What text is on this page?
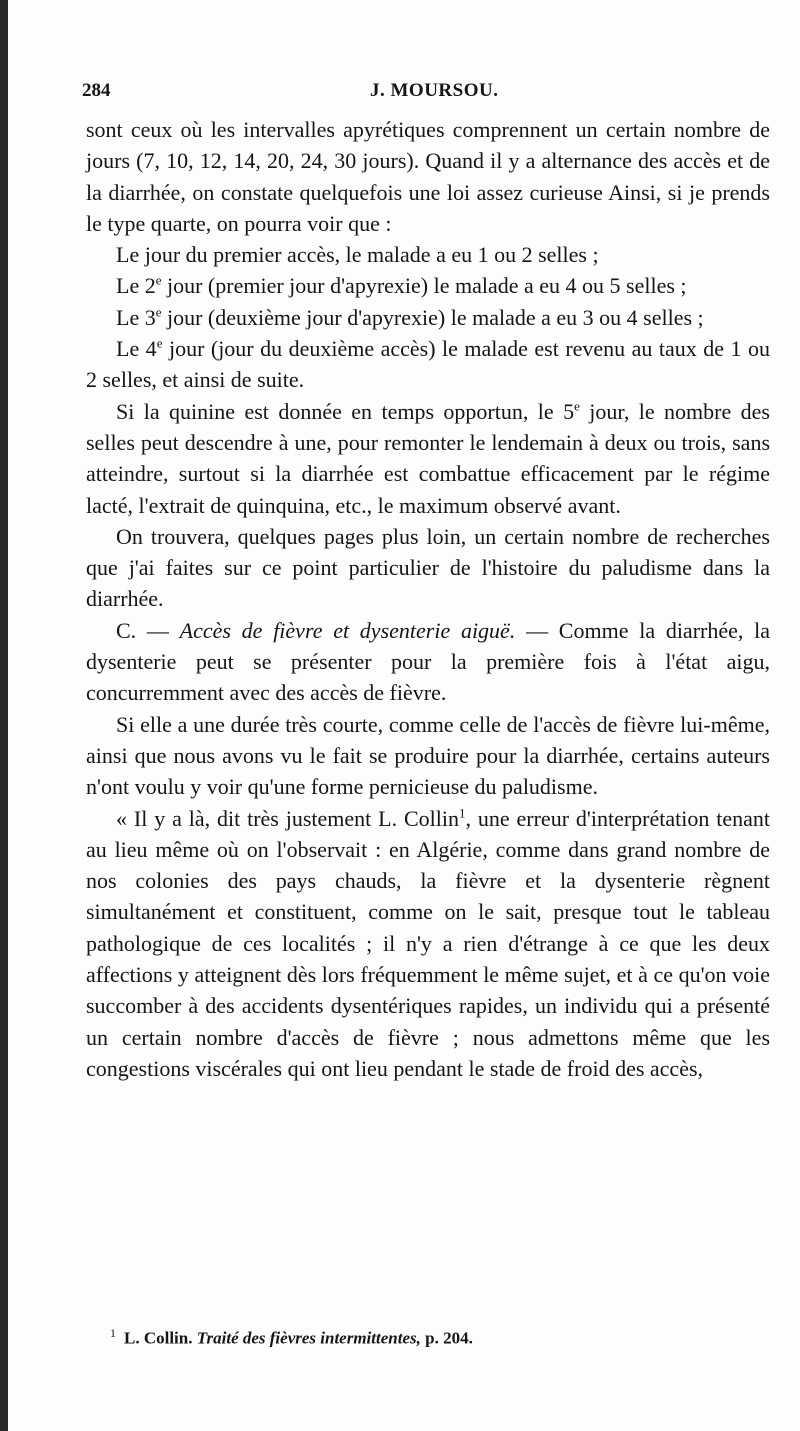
284	J. MOURSOU.

sont ceux où les intervalles apyrétiques comprennent un certain nombre de jours (7, 10, 12, 14, 20, 24, 30 jours). Quand il y a alternance des accès et de la diarrhée, on constate quelquefois une loi assez curieuse Ainsi, si je prends le type quarte, on pourra voir que :

Le jour du premier accès, le malade a eu 1 ou 2 selles ;

Le 2e jour (premier jour d'apyrexie) le malade a eu 4 ou 5 selles ;

Le 3e jour (deuxième jour d'apyrexie) le malade a eu 3 ou 4 selles ;

Le 4e jour (jour du deuxième accès) le malade est revenu au taux de 1 ou 2 selles, et ainsi de suite.

Si la quinine est donnée en temps opportun, le 5e jour, le nombre des selles peut descendre à une, pour remonter le lendemain à deux ou trois, sans atteindre, surtout si la diarrhée est combattue efficacement par le régime lacté, l'extrait de quinquina, etc., le maximum observé avant.

On trouvera, quelques pages plus loin, un certain nombre de recherches que j'ai faites sur ce point particulier de l'histoire du paludisme dans la diarrhée.

C. — Accès de fièvre et dysenterie aiguë. — Comme la diarrhée, la dysenterie peut se présenter pour la première fois à l'état aigu, concurremment avec des accès de fièvre.

Si elle a une durée très courte, comme celle de l'accès de fièvre lui-même, ainsi que nous avons vu le fait se produire pour la diarrhée, certains auteurs n'ont voulu y voir qu'une forme pernicieuse du paludisme.

« Il y a là, dit très justement L. Collin$^1$, une erreur d'interprétation tenant au lieu même où on l'observait : en Algérie, comme dans grand nombre de nos colonies des pays chauds, la fièvre et la dysenterie règnent simultanément et constituent, comme on le sait, presque tout le tableau pathologique de ces localités ; il n'y a rien d'étrange à ce que les deux affections y atteignent dès lors fréquemment le même sujet, et à ce qu'on voie succomber à des accidents dysentériques rapides, un individu qui a présenté un certain nombre d'accès de fièvre ; nous admettons même que les congestions viscérales qui ont lieu pendant le stade de froid des accès,

$^1$ L. Collin. Traité des fièvres intermittentes, p. 204.
